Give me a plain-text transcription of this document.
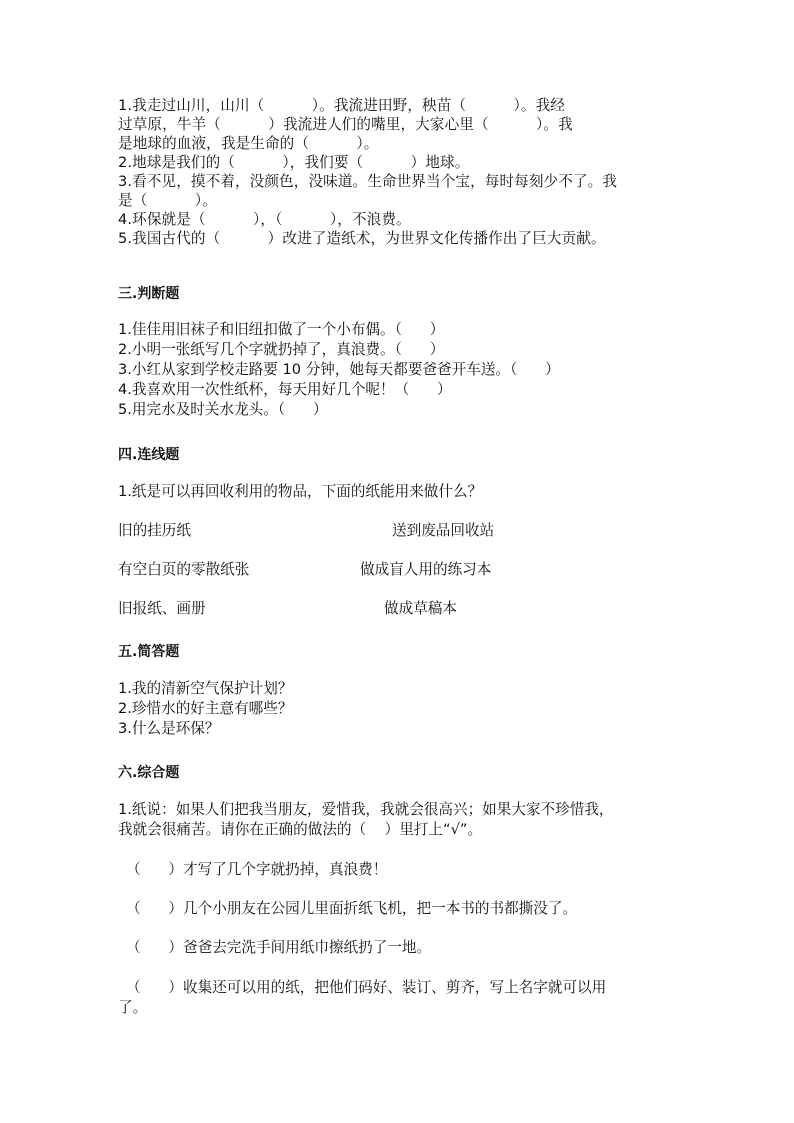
1.我走过山川，山川（          ）。我流进田野，秧苗（          ）。我经
过草原，牛羊（          ）我流进人们的嘴里，大家心里（          ）。我
是地球的血液，我是生命的（          ）。
2.地球是我们的（          ），我们要（          ）地球。
3.看不见，摸不着，没颜色，没味道。生命世界当个宝，每时每刻少不了。我
是（          ）。
4.环保就是（          ），（          ），不浪费。
5.我国古代的（          ）改进了造纸术，为世界文化传播作出了巨大贡献。
三.判断题
1.佳佳用旧袜子和旧纽扣做了一个小布偶。（      ）
2.小明一张纸写几个字就扔掉了，真浪费。（      ）
3.小红从家到学校走路要 10 分钟，她每天都要爸爸开车送。（      ）
4.我喜欢用一次性纸杯，每天用好几个呢！（      ）
5.用完水及时关水龙头。（      ）
四.连线题
1.纸是可以再回收利用的物品，下面的纸能用来做什么？
旧的挂历纸	送到废品回收站
有空白页的零散纸张	做成盲人用的练习本
旧报纸、画册	做成草稿本
五.简答题
1.我的清新空气保护计划？
2.珍惜水的好主意有哪些？
3.什么是环保？
六.综合题
1.纸说：如果人们把我当朋友，爱惜我，我就会很高兴；如果大家不珍惜我，
我就会很痛苦。请你在正确的做法的（    ）里打上“√”。
（      ）才写了几个字就扔掉，真浪费！
（      ）几个小朋友在公园儿里面折纸飞机，把一本书的书都撕没了。
（      ）爸爸去完洗手间用纸巾擦纸扔了一地。
（      ）收集还可以用的纸，把他们码好、装订、剪齐，写上名字就可以用
了。
